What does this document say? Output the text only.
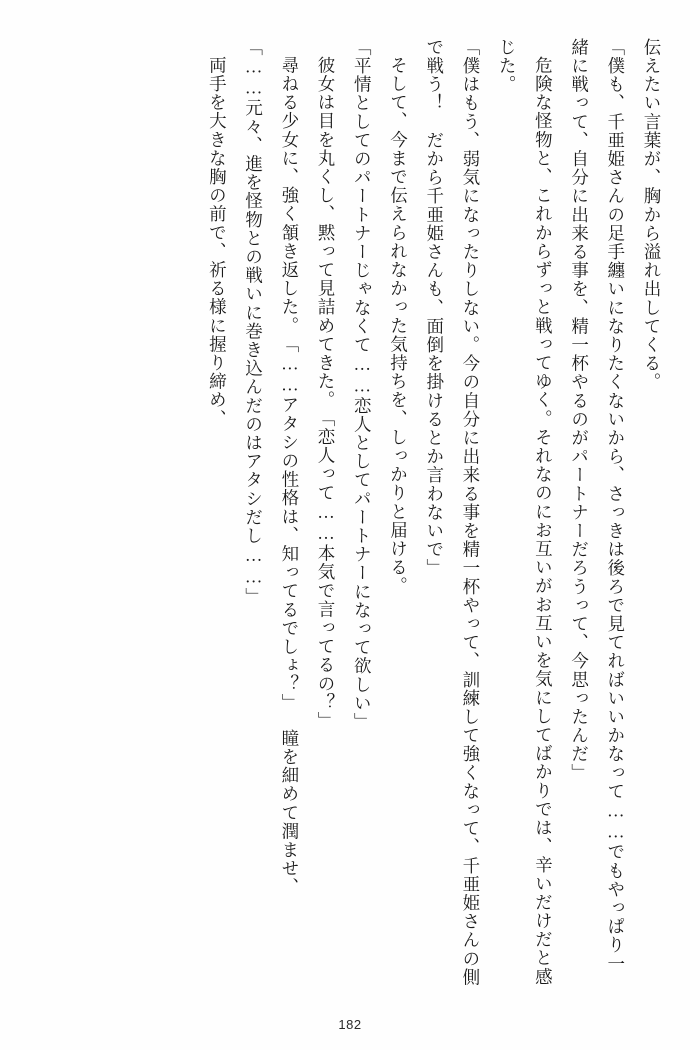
伝えたい言葉が、胸から溢れ出してくる。

「僕も、千亜姫さんの足手纏いになりたくないから、さっきは後ろで見てればいいかなって……でもやっぱり一緒に戦って、自分に出来る事を、精一杯やるのがパートナーだろうって、今思ったんだ」

危険な怪物と、これからずっと戦ってゆく。それなのにお互いがお互いを気にしてばかりでは、辛いだけだと感じた。

「僕はもう、弱気になったりしない。今の自分に出来る事を精一杯やって、訓練して強くなって、千亜姫さんの側で戦う！　だから千亜姫さんも、面倒を掛けるとか言わないで」

そして、今まで伝えられなかった気持ちを、しっかりと届ける。

「平情としてのパートナーじゃなくて……恋人としてパートナーになって欲しい」

彼女は目を丸くし、黙って見詰めてきた。

「恋人って……本気で言ってるの？」

尋ねる少女に、強く頷き返した。

「……アタシの性格は、知ってるでしょ？」

瞳を細めて潤ませ、

「……元々、進を怪物との戦いに巻き込んだのはアタシだし……」

両手を大きな胸の前で、祈る様に握り締め、

182
